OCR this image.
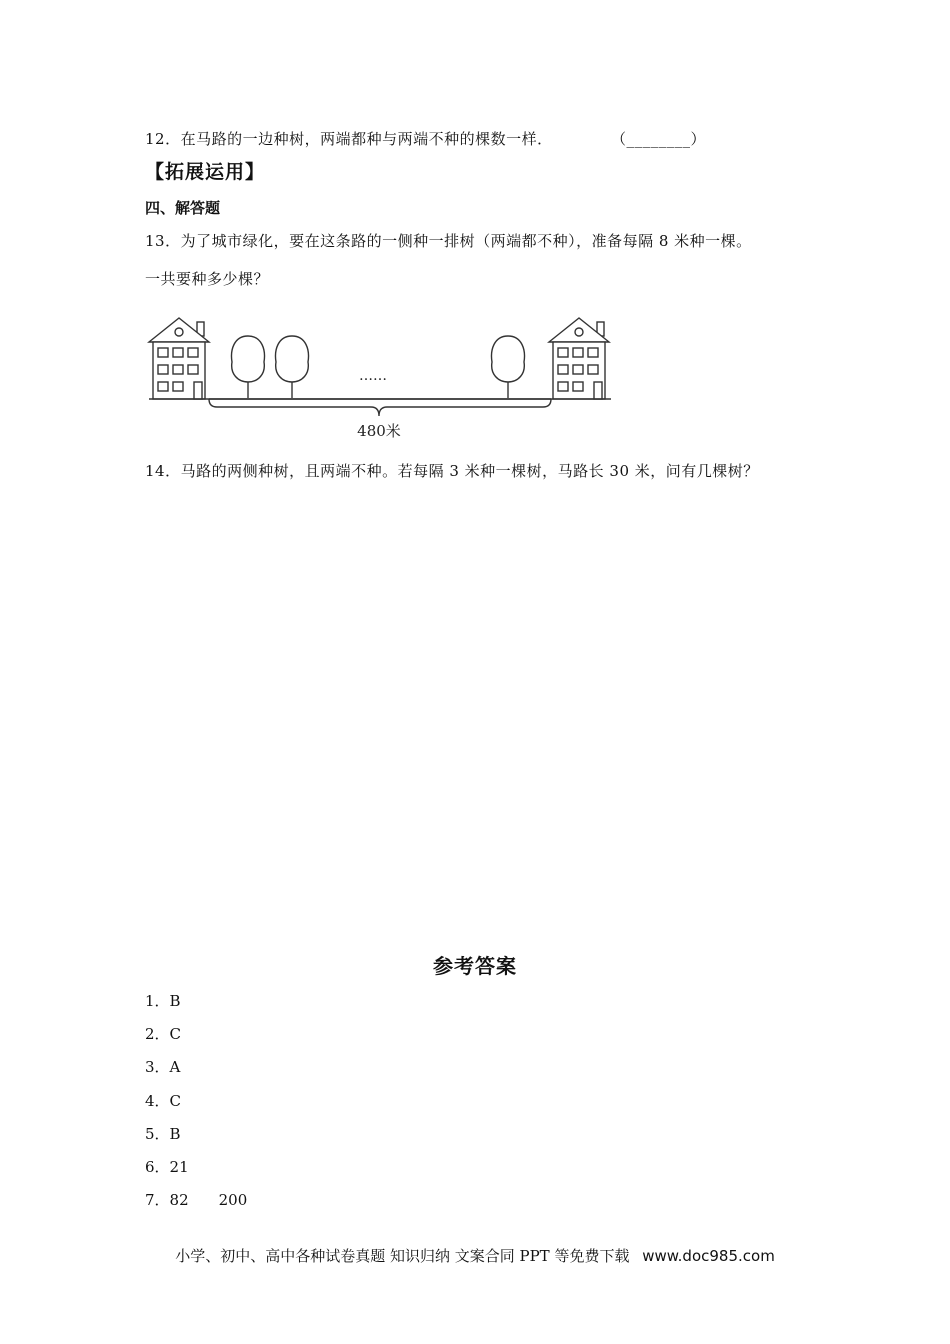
12．在马路的一边种树，两端都种与两端不种的棵数一样．	（________）
【拓展运用】
四、解答题
13．为了城市绿化，要在这条路的一侧种一排树（两端都不种），准备每隔 8 米种一棵。
一共要种多少棵？
……
480米
14．马路的两侧种树，且两端不种。若每隔 3 米种一棵树，马路长 30 米，问有几棵树？
参考答案
1．B
2．C
3．A
4．C
5．B
6．21
7．82 200
小学、初中、高中各种试卷真题 知识归纳 文案合同 PPT 等免费下载 www.doc985.com
